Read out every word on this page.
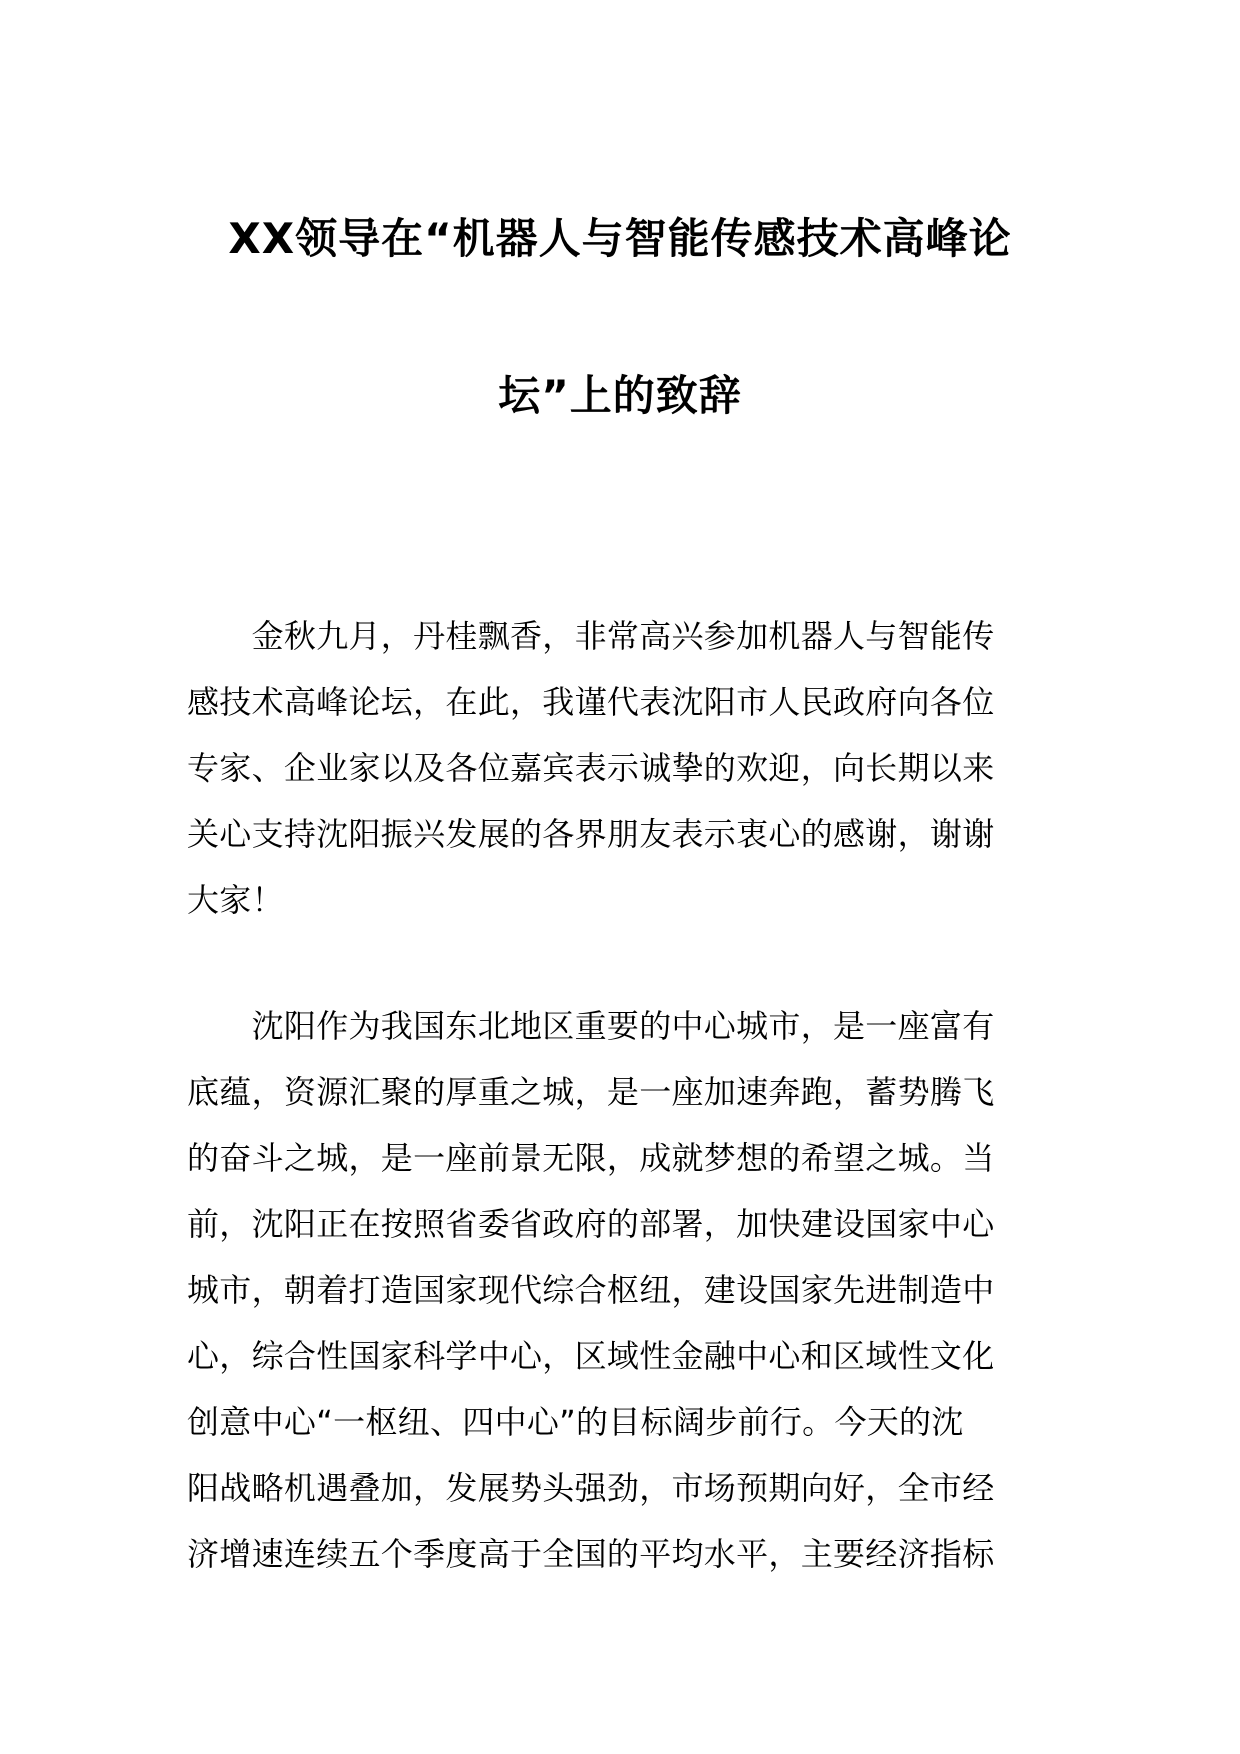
XX领导在“机器人与智能传感技术高峰论
坛”上的致辞
　　金秋九月，丹桂飘香，非常高兴参加机器人与智能传
感技术高峰论坛，在此，我谨代表沈阳市人民政府向各位
专家、企业家以及各位嘉宾表示诚挚的欢迎，向长期以来
关心支持沈阳振兴发展的各界朋友表示衷心的感谢，谢谢
大家！
　　沈阳作为我国东北地区重要的中心城市，是一座富有
底蕴，资源汇聚的厚重之城，是一座加速奔跑，蓄势腾飞
的奋斗之城，是一座前景无限，成就梦想的希望之城。当
前，沈阳正在按照省委省政府的部署，加快建设国家中心
城市，朝着打造国家现代综合枢纽，建设国家先进制造中
心，综合性国家科学中心，区域性金融中心和区域性文化
创意中心“一枢纽、四中心”的目标阔步前行。今天的沈
阳战略机遇叠加，发展势头强劲，市场预期向好，全市经
济增速连续五个季度高于全国的平均水平，主要经济指标
